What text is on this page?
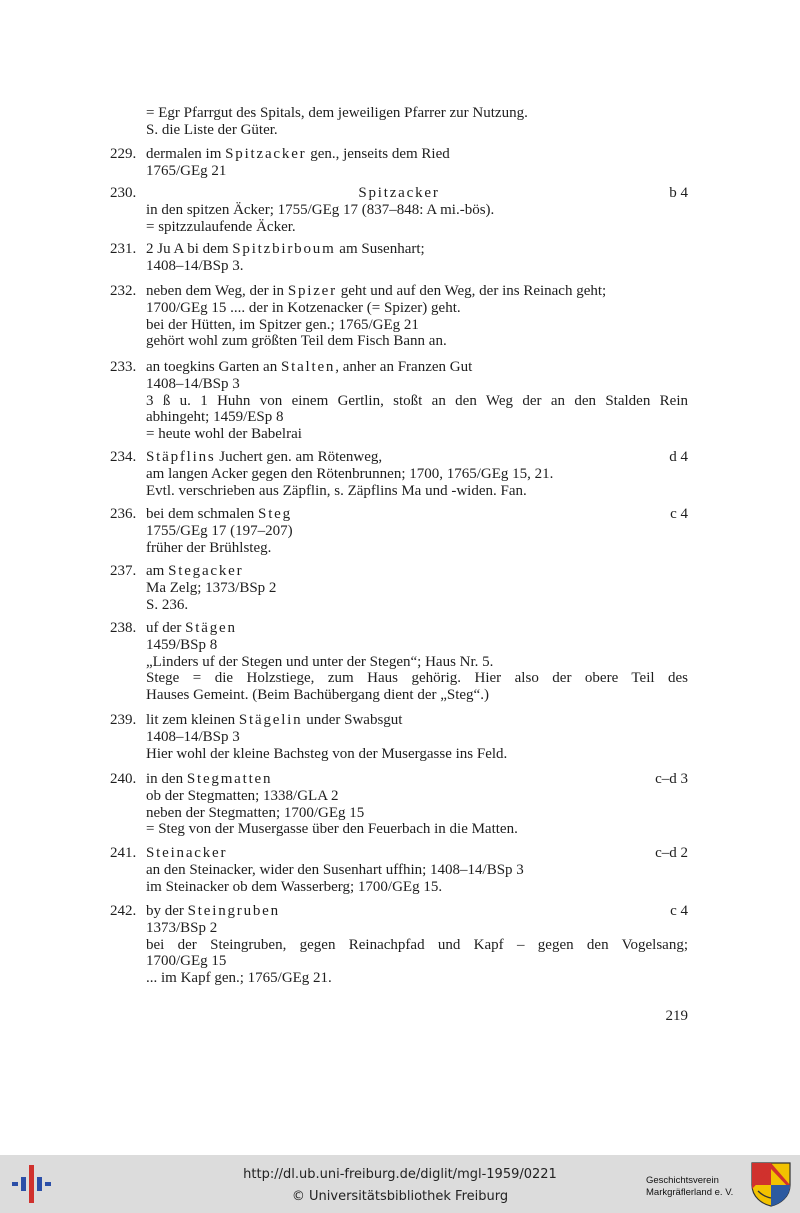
= Egr Pfarrgut des Spitals, dem jeweiligen Pfarrer zur Nutzung.
S. die Liste der Güter.
229. dermalen im Spitzacker gen., jenseits dem Ried
1765/GEg 21
230.	Spitzacker	b 4

in den spitzen Äcker; 1755/GEg 17 (837–848: A mi.-bös).
= spitzzulaufende Äcker.
231. 2 Ju A bi dem Spitzbirboum am Susenhart;
1408–14/BSp 3.
232. neben dem Weg, der in Spizer geht und auf den Weg, der ins Reinach geht;
1700/GEg 15 .... der in Kotzenacker (= Spizer) geht.
bei der Hütten, im Spitzer gen.; 1765/GEg 21
gehört wohl zum größten Teil dem Fisch Bann an.
233. an toegkins Garten an Stalten, anher an Franzen Gut
1408–14/BSp 3
3 ß u. 1 Huhn von einem Gertlin, stoßt an den Weg der an den Stalden Rein
abhingeht; 1459/ESp 8
= heute wohl der Babelrai
234. Stäpflins Juchert gen. am Rötenweg,	d 4
am langen Acker gegen den Rötenbrunnen; 1700, 1765/GEg 15, 21.
Evtl. verschrieben aus Zäpflin, s. Zäpflins Ma und -widen. Fan.
236. bei dem schmalen Steg	c 4
1755/GEg 17 (197–207)
früher der Brühlsteg.
237. am Stegacker
Ma Zelg; 1373/BSp 2
S. 236.
238. uf der Stägen
1459/BSp 8
„Linders uf der Stegen und unter der Stegen“; Haus Nr. 5.
Stege = die Holzstiege, zum Haus gehörig. Hier also der obere Teil des
Hauses Gemeint. (Beim Bachübergang dient der „Steg“.)
239. lit zem kleinen Stägelin under Swabsgut
1408–14/BSp 3
Hier wohl der kleine Bachsteg von der Musergasse ins Feld.
240. in den Stegmatten	c–d 3
ob der Stegmatten; 1338/GLA 2
neben der Stegmatten; 1700/GEg 15
= Steg von der Musergasse über den Feuerbach in die Matten.
241. Steinacker	c–d 2
an den Steinacker, wider den Susenhart uffhin; 1408–14/BSp 3
im Steinacker ob dem Wasserberg; 1700/GEg 15.
242. by der Steingruben	c 4
1373/BSp 2
bei der Steingruben, gegen Reinachpfad und Kapf – gegen den Vogelsang;
1700/GEg 15
... im Kapf gen.; 1765/GEg 21.
219
http://dl.ub.uni-freiburg.de/diglit/mgl-1959/0221
© Universitätsbibliothek Freiburg
Geschichtsverein
Markgräflerland e. V.
